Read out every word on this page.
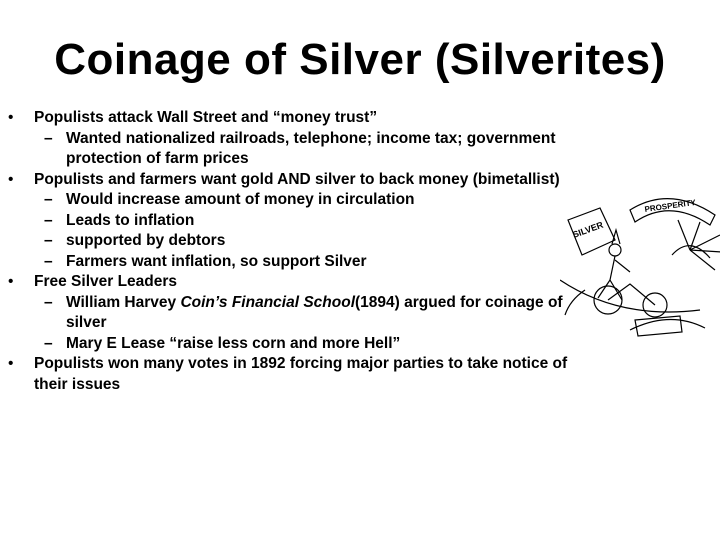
Coinage of Silver (Silverites)
• Populists attack Wall Street and “money trust”
– Wanted nationalized railroads, telephone; income tax; government protection of farm prices
• Populists and farmers want gold AND silver to back money (bimetallist)
– Would increase amount of money in circulation
– Leads to inflation
– supported by debtors
– Farmers want inflation, so support Silver
• Free Silver Leaders
– William Harvey Coin’s Financial School(1894) argued for coinage of silver
– Mary E Lease “raise less corn and more Hell”
• Populists won many votes in 1892 forcing major parties to take notice of their issues
SILVER
PROSPERITY
